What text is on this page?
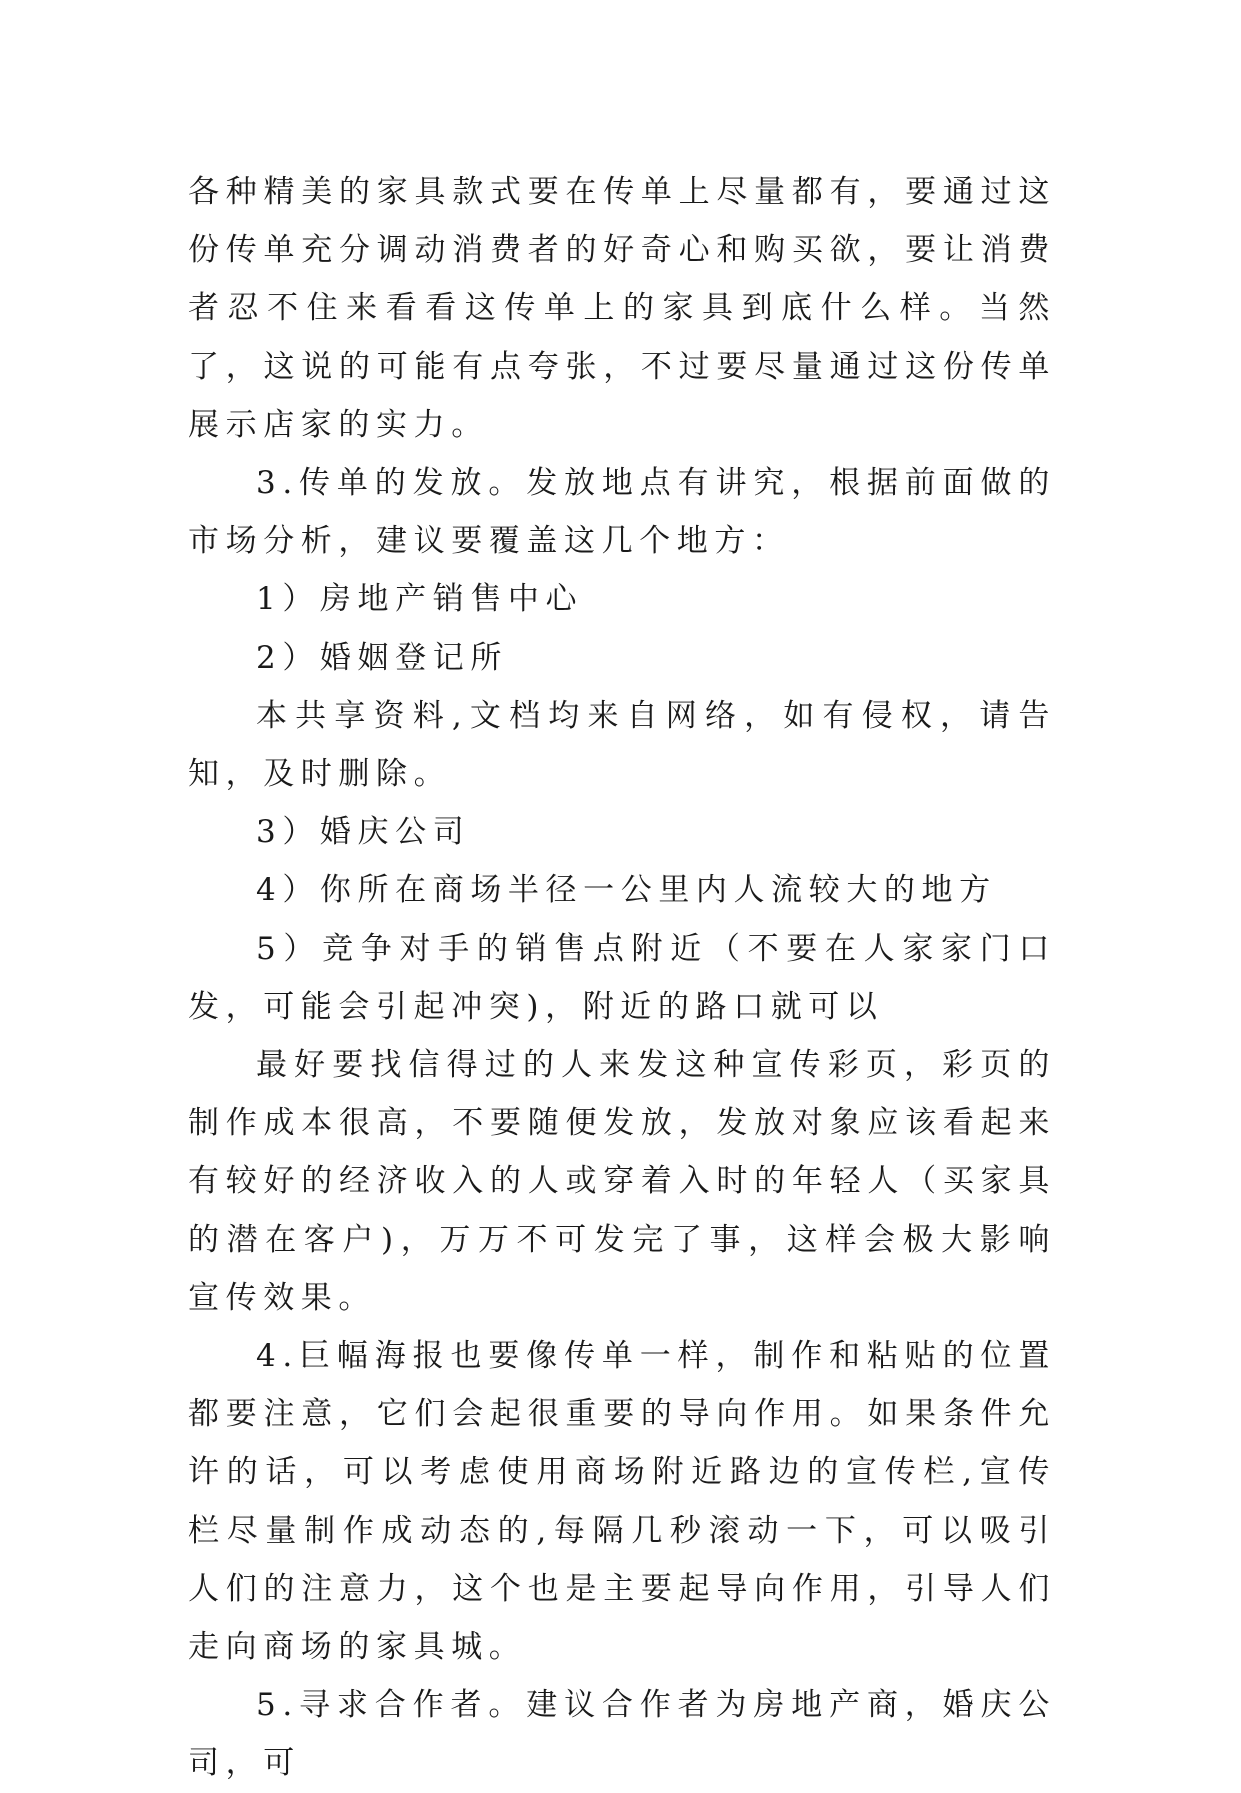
各种精美的家具款式要在传单上尽量都有，要通过这份传单充分调动消费者的好奇心和购买欲，要让消费者忍不住来看看这传单上的家具到底什么样。当然了，这说的可能有点夸张，不过要尽量通过这份传单展示店家的实力。

3.传单的发放。发放地点有讲究，根据前面做的市场分析，建议要覆盖这几个地方：

1）房地产销售中心

2）婚姻登记所

本共享资料,文档均来自网络，如有侵权，请告知，及时删除。

3）婚庆公司

4）你所在商场半径一公里内人流较大的地方

5）竞争对手的销售点附近（不要在人家家门口发，可能会引起冲突)，附近的路口就可以

最好要找信得过的人来发这种宣传彩页，彩页的制作成本很高，不要随便发放，发放对象应该看起来有较好的经济收入的人或穿着入时的年轻人（买家具的潜在客户)，万万不可发完了事，这样会极大影响宣传效果。

4.巨幅海报也要像传单一样，制作和粘贴的位置都要注意，它们会起很重要的导向作用。如果条件允许的话，可以考虑使用商场附近路边的宣传栏,宣传栏尽量制作成动态的,每隔几秒滚动一下，可以吸引人们的注意力，这个也是主要起导向作用，引导人们走向商场的家具城。

5.寻求合作者。建议合作者为房地产商，婚庆公司，可
